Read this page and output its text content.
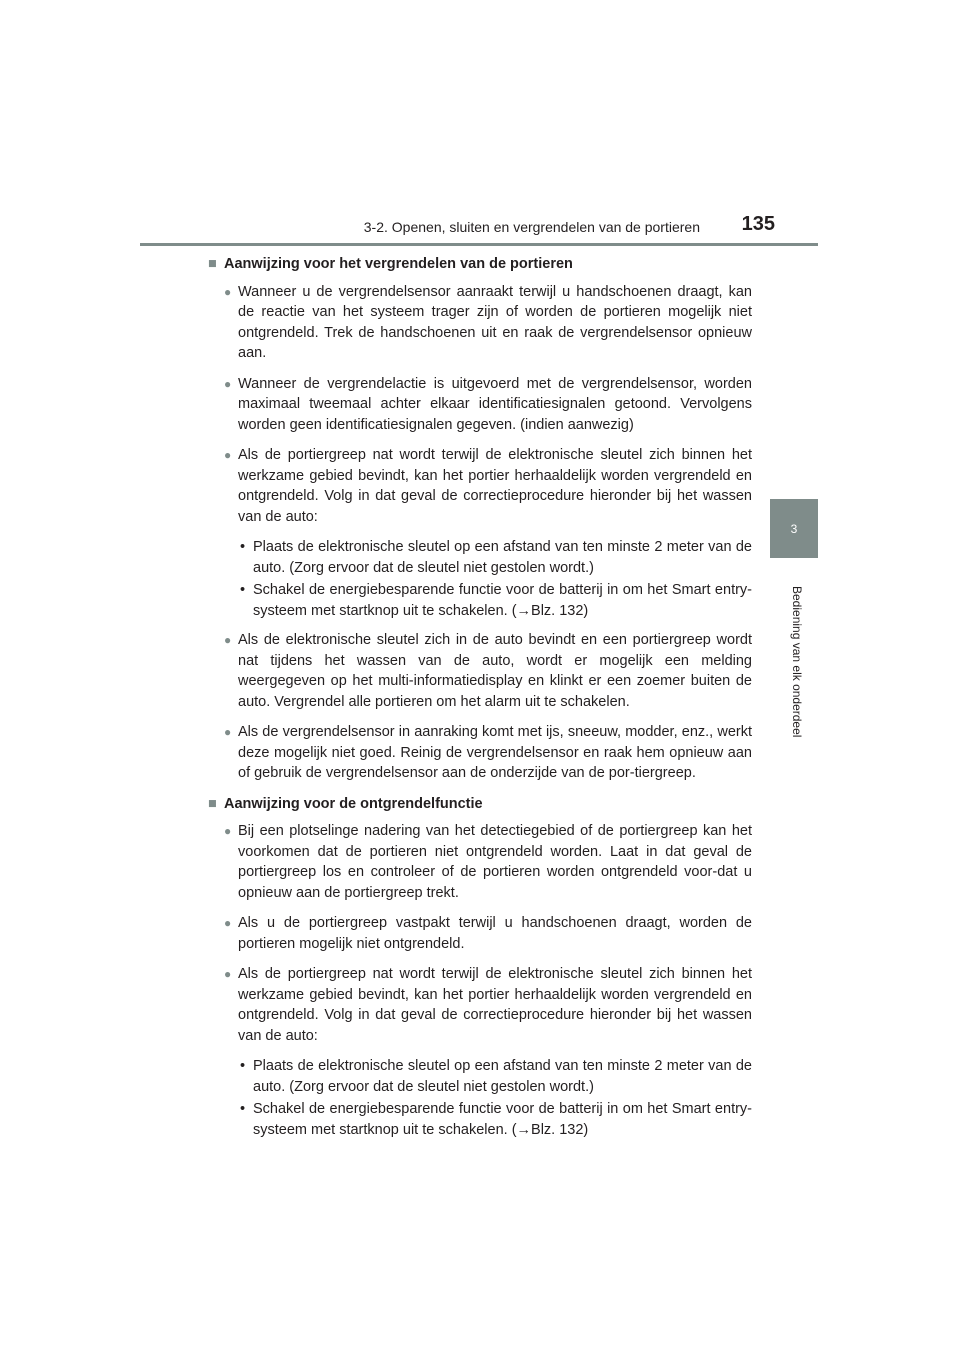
3-2. Openen, sluiten en vergrendelen van de portieren	135
3
Bediening van elk onderdeel
■ Aanwijzing voor het vergrendelen van de portieren
● Wanneer u de vergrendelsensor aanraakt terwijl u handschoenen draagt, kan de reactie van het systeem trager zijn of worden de portieren mogelijk niet ontgrendeld. Trek de handschoenen uit en raak de vergrendelsensor opnieuw aan.
● Wanneer de vergrendelactie is uitgevoerd met de vergrendelsensor, worden maximaal tweemaal achter elkaar identificatiesignalen getoond. Vervolgens worden geen identificatiesignalen gegeven. (indien aanwezig)
● Als de portiergreep nat wordt terwijl de elektronische sleutel zich binnen het werkzame gebied bevindt, kan het portier herhaaldelijk worden vergrendeld en ontgrendeld. Volg in dat geval de correctieprocedure hieronder bij het wassen van de auto:
• Plaats de elektronische sleutel op een afstand van ten minste 2 meter van de auto. (Zorg ervoor dat de sleutel niet gestolen wordt.)
• Schakel de energiebesparende functie voor de batterij in om het Smart entry-systeem met startknop uit te schakelen. (→Blz. 132)
● Als de elektronische sleutel zich in de auto bevindt en een portiergreep wordt nat tijdens het wassen van de auto, wordt er mogelijk een melding weergegeven op het multi-informatiedisplay en klinkt er een zoemer buiten de auto. Vergrendel alle portieren om het alarm uit te schakelen.
● Als de vergrendelsensor in aanraking komt met ijs, sneeuw, modder, enz., werkt deze mogelijk niet goed. Reinig de vergrendelsensor en raak hem opnieuw aan of gebruik de vergrendelsensor aan de onderzijde van de por-tiergreep.
■ Aanwijzing voor de ontgrendelfunctie
● Bij een plotselinge nadering van het detectiegebied of de portiergreep kan het voorkomen dat de portieren niet ontgrendeld worden. Laat in dat geval de portiergreep los en controleer of de portieren worden ontgrendeld voor-dat u opnieuw aan de portiergreep trekt.
● Als u de portiergreep vastpakt terwijl u handschoenen draagt, worden de portieren mogelijk niet ontgrendeld.
● Als de portiergreep nat wordt terwijl de elektronische sleutel zich binnen het werkzame gebied bevindt, kan het portier herhaaldelijk worden vergrendeld en ontgrendeld. Volg in dat geval de correctieprocedure hieronder bij het wassen van de auto:
• Plaats de elektronische sleutel op een afstand van ten minste 2 meter van de auto. (Zorg ervoor dat de sleutel niet gestolen wordt.)
• Schakel de energiebesparende functie voor de batterij in om het Smart entry-systeem met startknop uit te schakelen. (→Blz. 132)
